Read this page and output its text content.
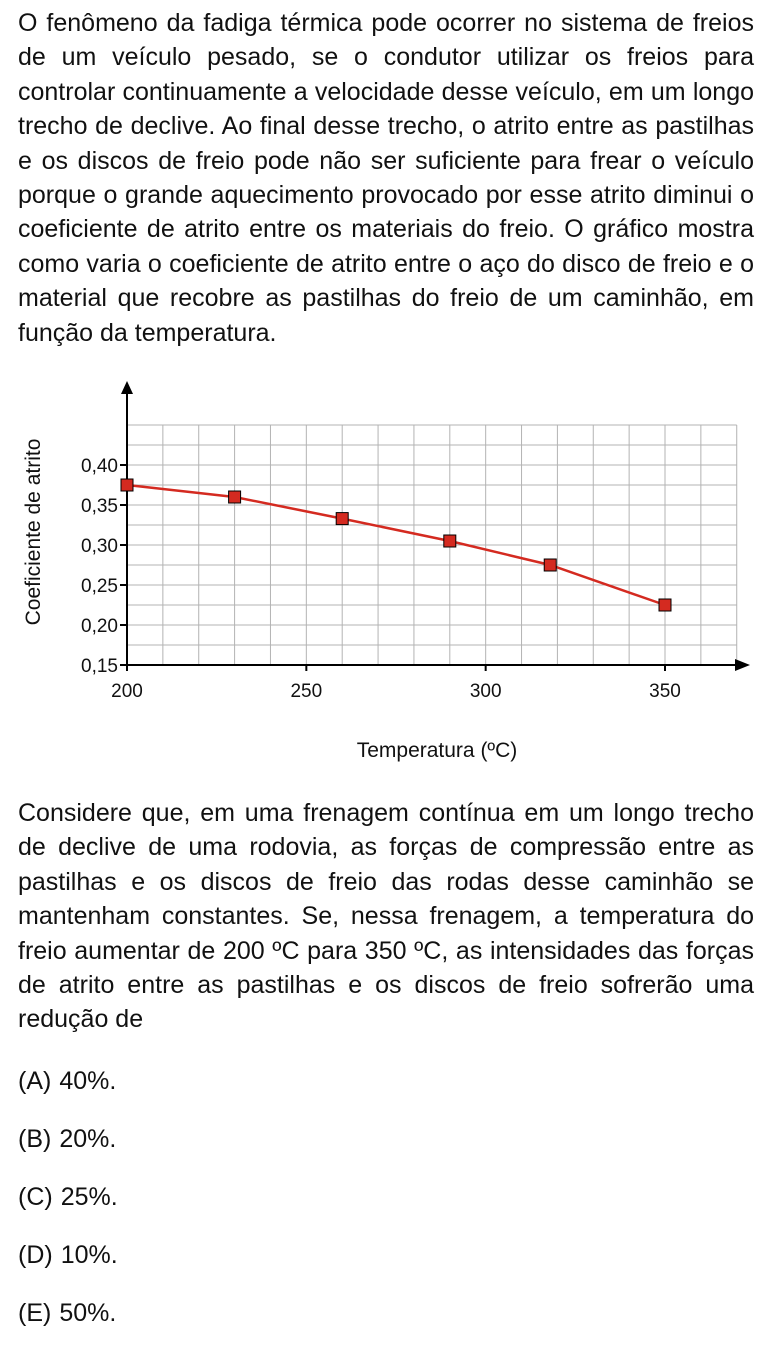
O fenômeno da fadiga térmica pode ocorrer no sistema de freios de um veículo pesado, se o condutor utilizar os freios para controlar continuamente a velocidade desse veículo, em um longo trecho de declive. Ao final desse trecho, o atrito entre as pastilhas e os discos de freio pode não ser suficiente para frear o veículo porque o grande aquecimento provocado por esse atrito diminui o coeficiente de atrito entre os materiais do freio. O gráfico mostra como varia o coeficiente de atrito entre o aço do disco de freio e o material que recobre as pastilhas do freio de um caminhão, em função da temperatura.

0,15
0,20
0,25
0,30
0,35
0,40
200	250	300	350
Temperatura (ºC)
Coeficiente de atrito

Considere que, em uma frenagem contínua em um longo trecho de declive de uma rodovia, as forças de compressão entre as pastilhas e os discos de freio das rodas desse caminhão se mantenham constantes. Se, nessa frenagem, a temperatura do freio aumentar de 200 ºC para 350 ºC, as intensidades das forças de atrito entre as pastilhas e os discos de freio sofrerão uma redução de

(A) 40%.
(B) 20%.
(C) 25%.
(D) 10%.
(E) 50%.
